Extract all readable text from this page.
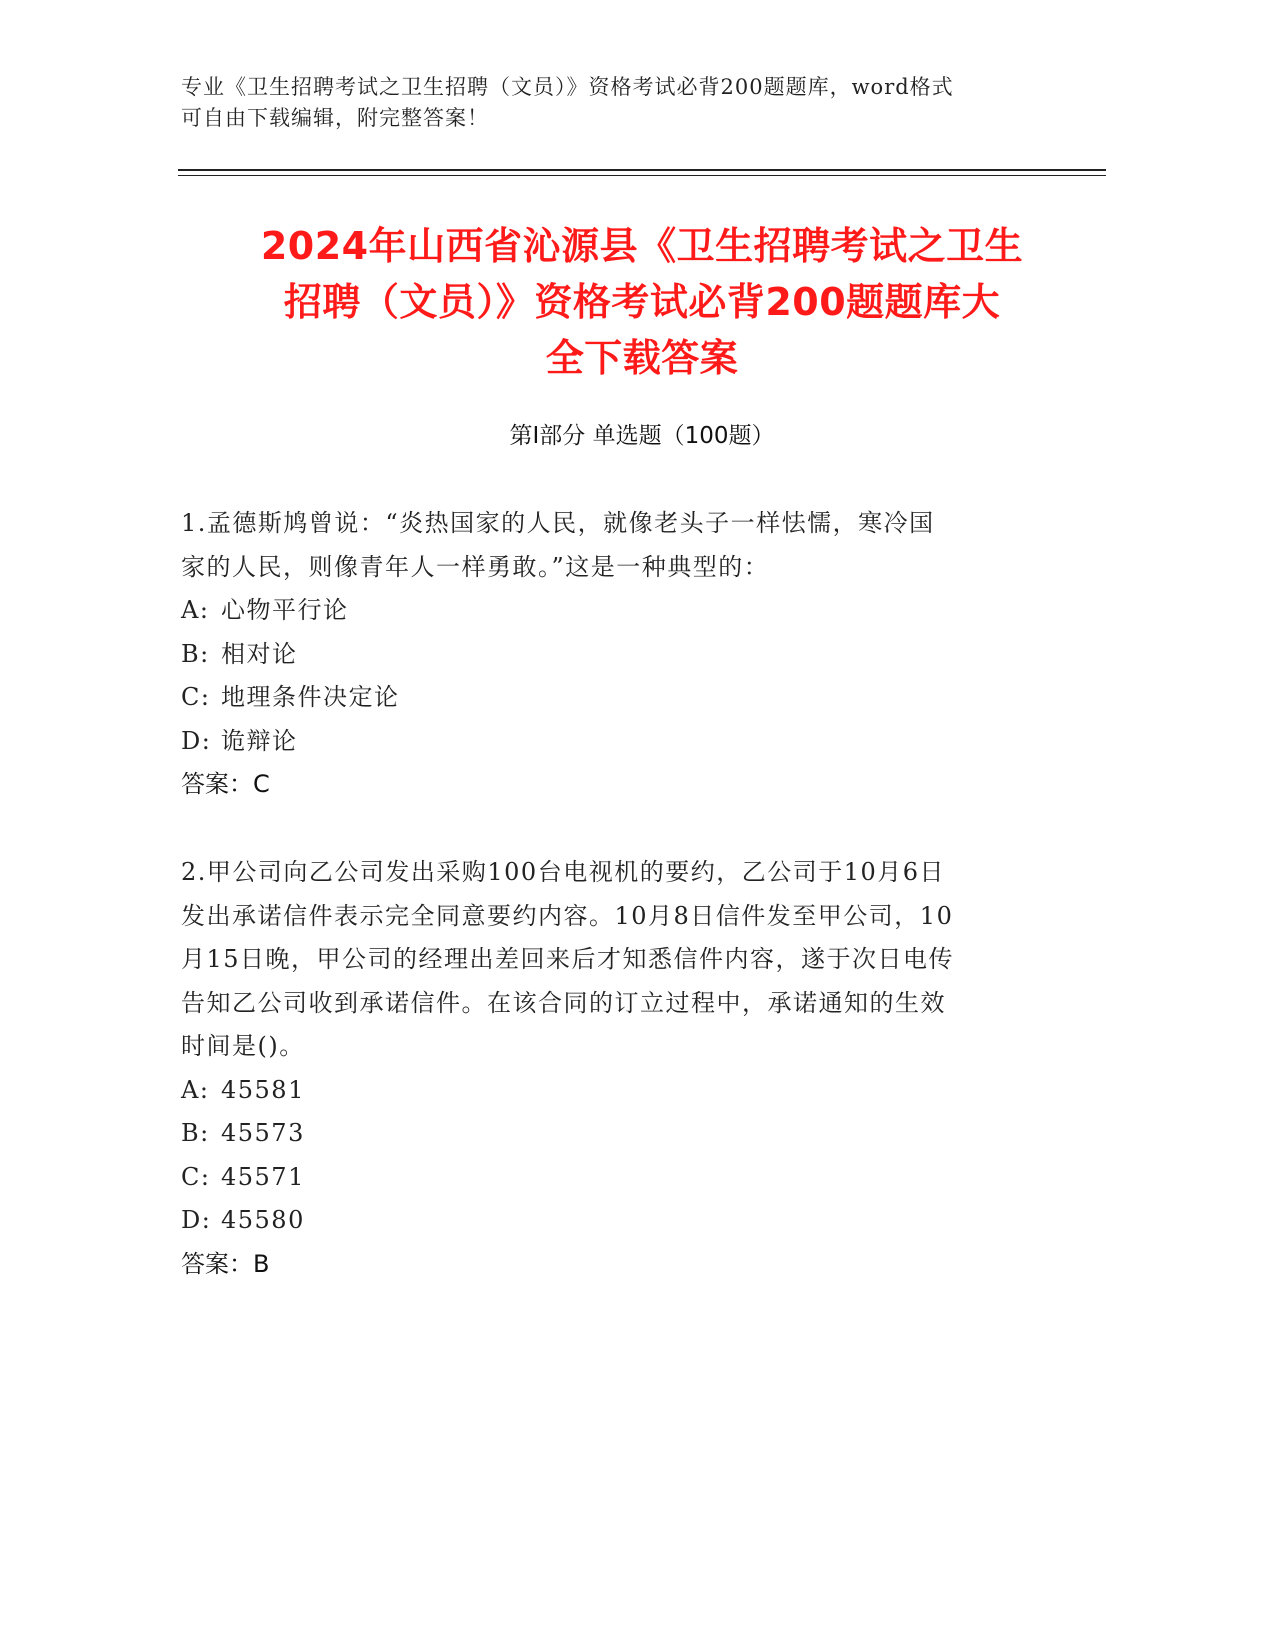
专业《卫生招聘考试之卫生招聘（文员）》资格考试必背200题题库，word格式
可自由下载编辑，附完整答案！
2024年山西省沁源县《卫生招聘考试之卫生
招聘（文员）》资格考试必背200题题库大
全下载答案
第Ⅰ部分 单选题（100题）
1.孟德斯鸠曾说：“炎热国家的人民，就像老头子一样怯懦，寒冷国
家的人民，则像青年人一样勇敢。”这是一种典型的：
A: 心物平行论
B: 相对论
C: 地理条件决定论
D: 诡辩论
答案：C
2.甲公司向乙公司发出采购100台电视机的要约，乙公司于10月6日
发出承诺信件表示完全同意要约内容。10月8日信件发至甲公司，10
月15日晚，甲公司的经理出差回来后才知悉信件内容，遂于次日电传
告知乙公司收到承诺信件。在该合同的订立过程中，承诺通知的生效
时间是()。
A: 45581
B: 45573
C: 45571
D: 45580
答案：B
